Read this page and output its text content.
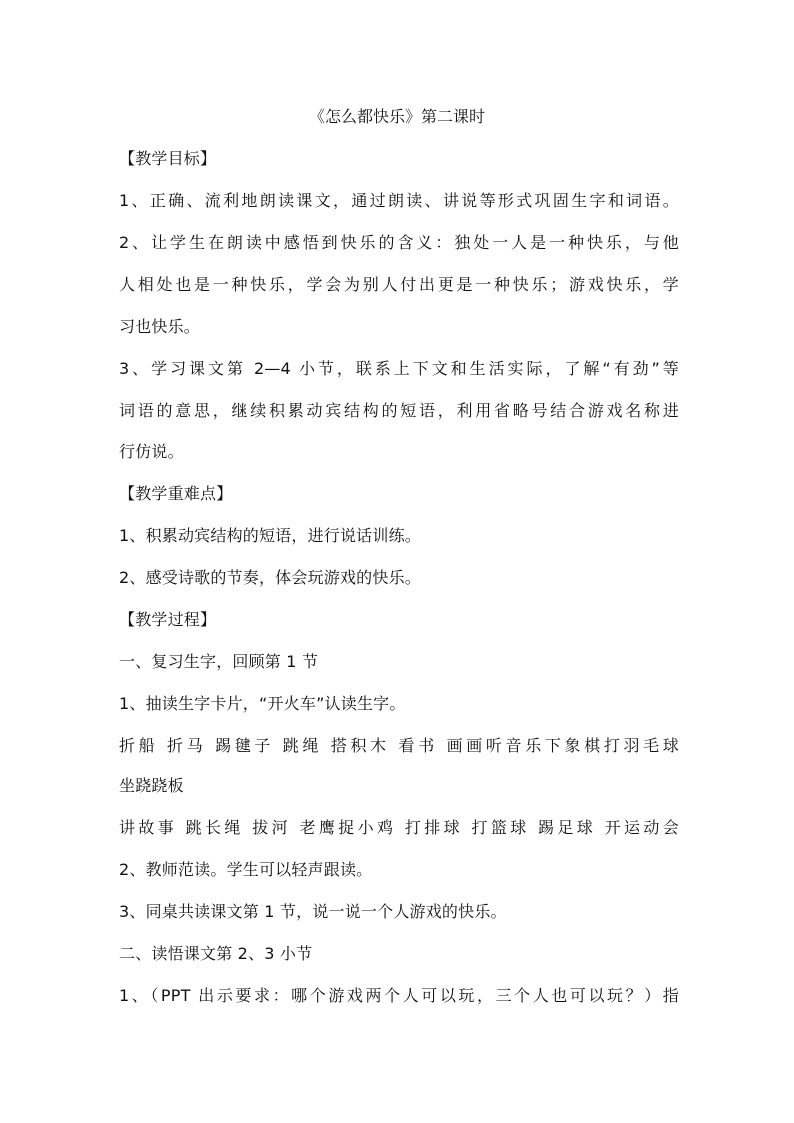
《怎么都快乐》第二课时
【教学目标】
1、正确、流利地朗读课文，通过朗读、讲说等形式巩固生字和词语。
2、让学生在朗读中感悟到快乐的含义：独处一人是一种快乐，与他
人相处也是一种快乐，学会为别人付出更是一种快乐；游戏快乐，学
习也快乐。
3、学习课文第 2—4 小节，联系上下文和生活实际，了解“有劲”等
词语的意思，继续积累动宾结构的短语，利用省略号结合游戏名称进
行仿说。
【教学重难点】
1、积累动宾结构的短语，进行说话训练。
2、感受诗歌的节奏，体会玩游戏的快乐。
【教学过程】
一、复习生字，回顾第 1 节
1、抽读生字卡片，“开火车”认读生字。
折船 折马 踢毽子 跳绳 搭积木 看书 画画听音乐下象棋打羽毛球
坐跷跷板
讲故事 跳长绳 拔河 老鹰捉小鸡 打排球 打篮球 踢足球 开运动会
2、教师范读。学生可以轻声跟读。
3、同桌共读课文第 1 节，说一说一个人游戏的快乐。
二、读悟课文第 2、3 小节
1、（PPT 出示要求：哪个游戏两个人可以玩，三个人也可以玩？）指
